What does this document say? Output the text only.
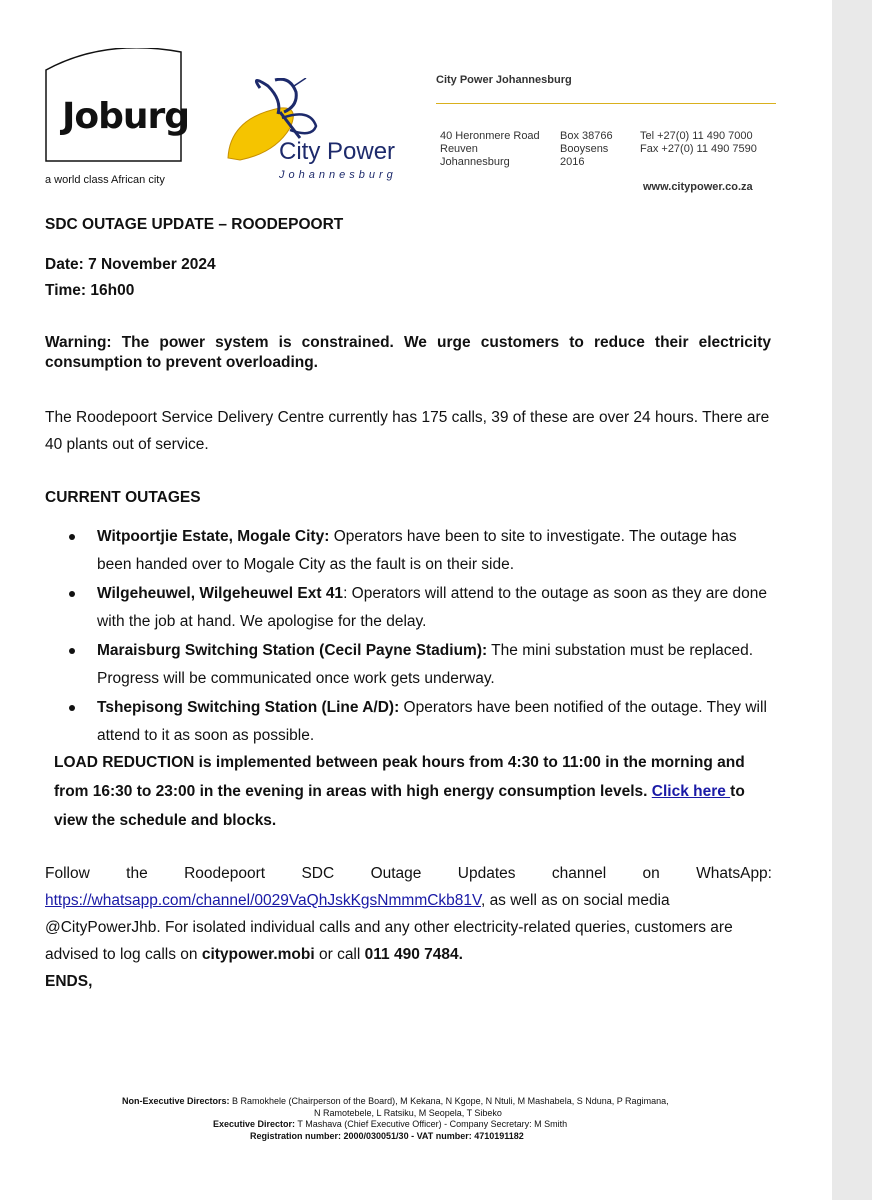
Joburg
a world class African city
City Power
Johannesburg
City Power Johannesburg
40 Heronmere Road
Reuven
Johannesburg
Box 38766
Booysens
2016
Tel +27(0) 11 490 7000
Fax +27(0) 11 490 7590
www.citypower.co.za
SDC OUTAGE UPDATE – ROODEPOORT
Date: 7 November 2024
Time: 16h00
Warning: The power system is constrained. We urge customers to reduce their electricity consumption to prevent overloading.
The Roodepoort Service Delivery Centre currently has 175 calls, 39 of these are over 24 hours. There are 40 plants out of service.
CURRENT OUTAGES
Witpoortjie Estate, Mogale City: Operators have been to site to investigate. The outage has been handed over to Mogale City as the fault is on their side.
Wilgeheuwel, Wilgeheuwel Ext 41: Operators will attend to the outage as soon as they are done with the job at hand. We apologise for the delay.
Maraisburg Switching Station (Cecil Payne Stadium): The mini substation must be replaced. Progress will be communicated once work gets underway.
Tshepisong Switching Station (Line A/D): Operators have been notified of the outage. They will attend to it as soon as possible.
LOAD REDUCTION is implemented between peak hours from 4:30 to 11:00 in the morning and from 16:30 to 23:00 in the evening in areas with high energy consumption levels. Click here to view the schedule and blocks.
Follow the Roodepoort SDC Outage Updates channel on WhatsApp:
https://whatsapp.com/channel/0029VaQhJskKgsNmmmCkb81V, as well as on social media @CityPowerJhb. For isolated individual calls and any other electricity-related queries, customers are advised to log calls on citypower.mobi or call 011 490 7484.
ENDS,
Non-Executive Directors: B Ramokhele (Chairperson of the Board), M Kekana, N Kgope, N Ntuli, M Mashabela, S Nduna, P Ragimana,
N Ramotebele, L Ratsiku, M Seopela, T Sibeko
Executive Director: T Mashava (Chief Executive Officer) - Company Secretary: M Smith
Registration number: 2000/030051/30 - VAT number: 4710191182
